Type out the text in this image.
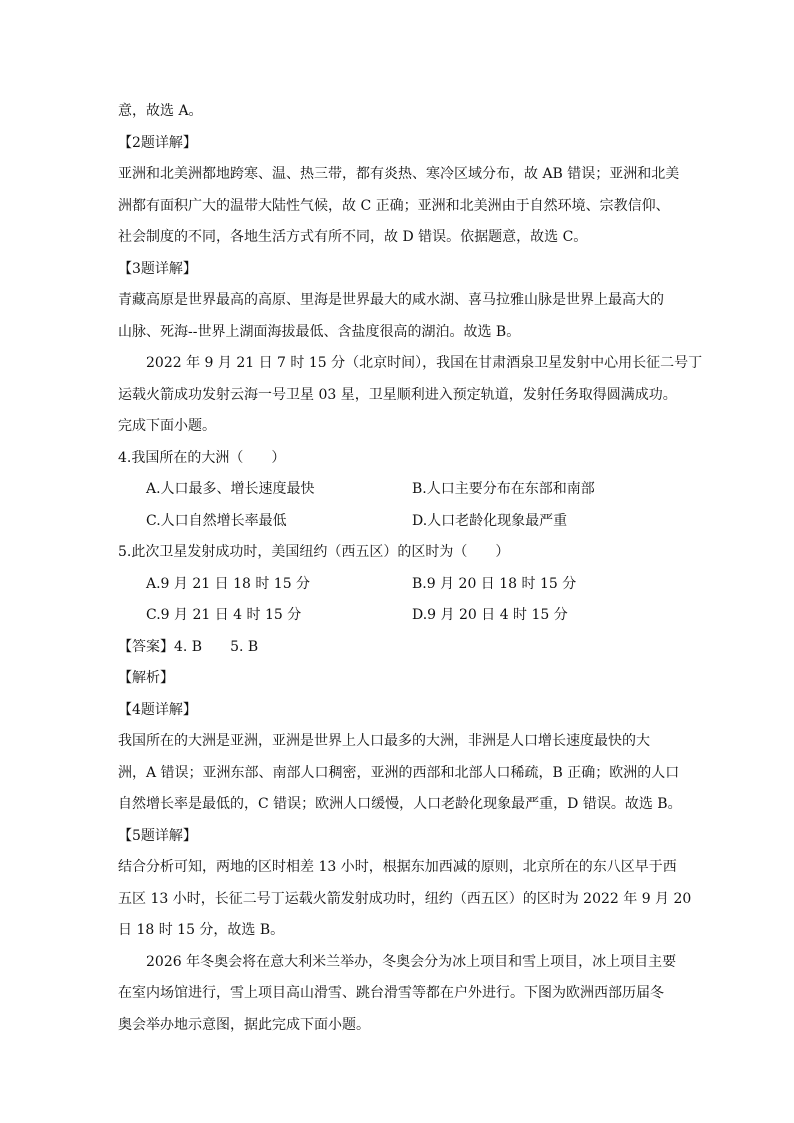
意，故选 A。
【2题详解】
亚洲和北美洲都地跨寒、温、热三带，都有炎热、寒冷区域分布，故 AB 错误；亚洲和北美
洲都有面积广大的温带大陆性气候，故 C 正确；亚洲和北美洲由于自然环境、宗教信仰、
社会制度的不同，各地生活方式有所不同，故 D 错误。依据题意，故选 C。
【3题详解】
青藏高原是世界最高的高原、里海是世界最大的咸水湖、喜马拉雅山脉是世界上最高大的
山脉、死海--世界上湖面海拔最低、含盐度很高的湖泊。故选 B。
2022 年 9 月 21 日 7 时 15 分（北京时间），我国在甘肃酒泉卫星发射中心用长征二号丁
运载火箭成功发射云海一号卫星 03 星，卫星顺利进入预定轨道，发射任务取得圆满成功。
完成下面小题。
4.我国所在的大洲（　　）
A.人口最多、增长速度最快	B.人口主要分布在东部和南部
C.人口自然增长率最低	D.人口老龄化现象最严重
5.此次卫星发射成功时，美国纽约（西五区）的区时为（　　）
A.9 月 21 日 18 时 15 分	B.9 月 20 日 18 时 15 分
C.9 月 21 日 4 时 15 分	D.9 月 20 日 4 时 15 分
【答案】4. B　　5. B
【解析】
【4题详解】
我国所在的大洲是亚洲，亚洲是世界上人口最多的大洲，非洲是人口增长速度最快的大
洲，A 错误；亚洲东部、南部人口稠密，亚洲的西部和北部人口稀疏，B 正确；欧洲的人口
自然增长率是最低的，C 错误；欧洲人口缓慢，人口老龄化现象最严重，D 错误。故选 B。
【5题详解】
结合分析可知，两地的区时相差 13 小时，根据东加西减的原则，北京所在的东八区早于西
五区 13 小时，长征二号丁运载火箭发射成功时，纽约（西五区）的区时为 2022 年 9 月 20
日 18 时 15 分，故选 B。
2026 年冬奥会将在意大利米兰举办，冬奥会分为冰上项目和雪上项目，冰上项目主要
在室内场馆进行，雪上项目高山滑雪、跳台滑雪等都在户外进行。下图为欧洲西部历届冬
奥会举办地示意图，据此完成下面小题。
